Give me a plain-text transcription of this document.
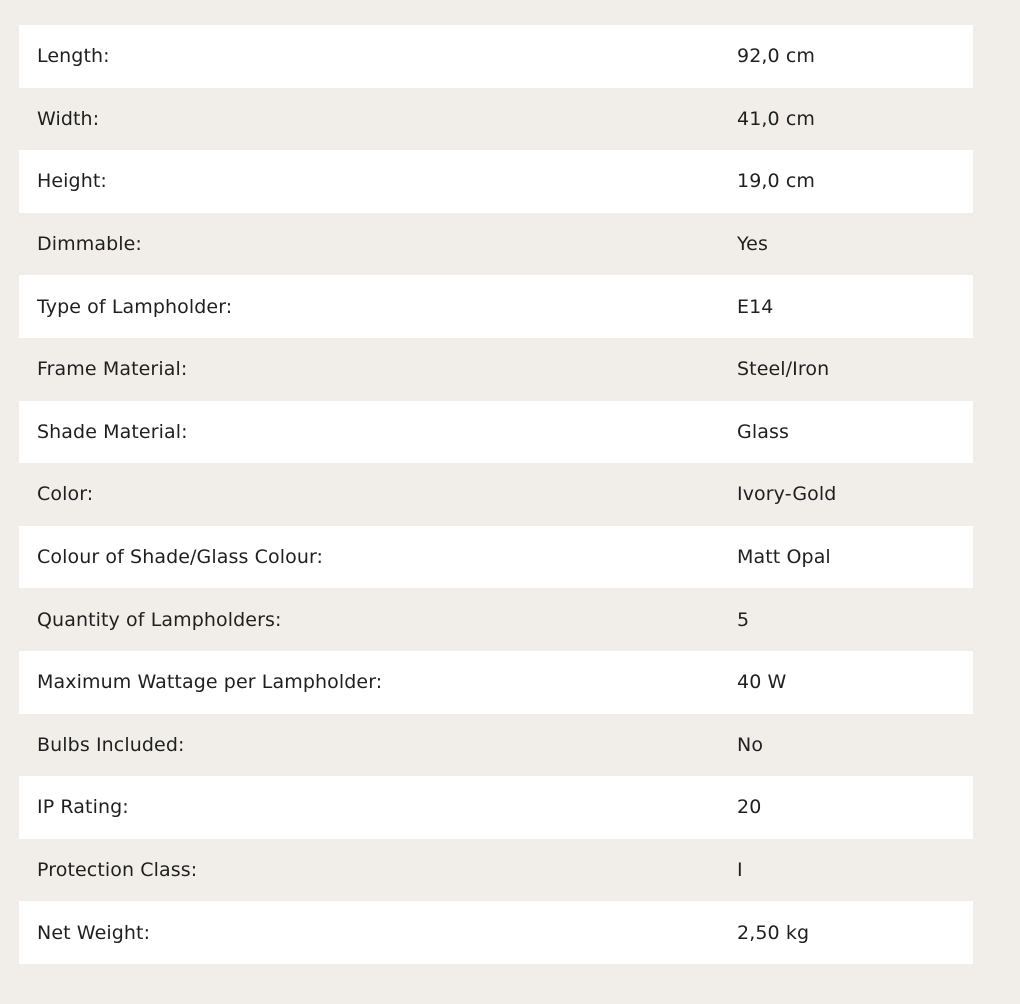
Length:	92,0 cm
Width:	41,0 cm
Height:	19,0 cm
Dimmable:	Yes
Type of Lampholder:	E14
Frame Material:	Steel/Iron
Shade Material:	Glass
Color:	Ivory-Gold
Colour of Shade/Glass Colour:	Matt Opal
Quantity of Lampholders:	5
Maximum Wattage per Lampholder:	40 W
Bulbs Included:	No
IP Rating:	20
Protection Class:	I
Net Weight:	2,50 kg
